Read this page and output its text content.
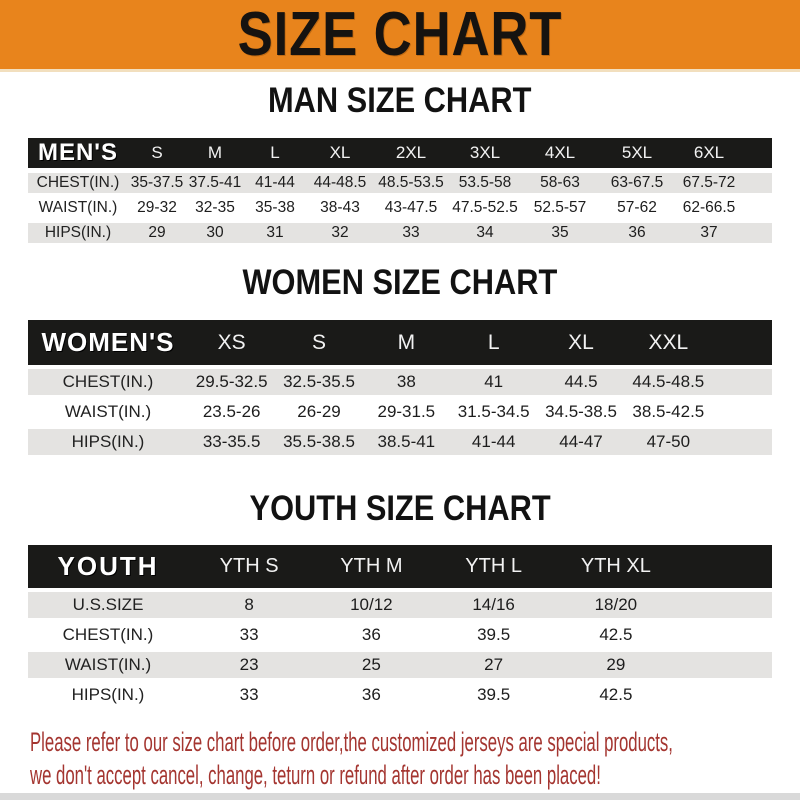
SIZE CHART
MAN SIZE CHART
MEN'S	S	M	L	XL	2XL	3XL	4XL	5XL	6XL
CHEST(IN.) 35-37.5 37.5-41 41-44	44-48.5 48.5-53.5 53.5-58	58-63	63-67.5	67.5-72
WAIST(IN.)	29-32	32-35	35-38	38-43	43-47.5 47.5-52.5	52.5-57	57-62	62-66.5
HIPS(IN.)	29	30	31	32	33	34	35	36	37
WOMEN SIZE CHART
WOMEN'S	XS	S	M	L	XL	XXL
CHEST(IN.)	29.5-32.5 32.5-35.5	38	41	44.5	44.5-48.5
WAIST(IN.)	23.5-26	26-29	29-31.5	31.5-34.5 34.5-38.5 38.5-42.5
HIPS(IN.)	33-35.5	35.5-38.5	38.5-41	41-44	44-47	47-50
YOUTH SIZE CHART
YOUTH	YTH S	YTH M	YTH L	YTH XL
U.S.SIZE	8	10/12	14/16	18/20
CHEST(IN.)	33	36	39.5	42.5
WAIST(IN.)	23	25	27	29
HIPS(IN.)	33	36	39.5	42.5
Please refer to our size chart before order,the customized jerseys are special products,
we don't accept cancel, change, teturn or refund after order has been placed!
